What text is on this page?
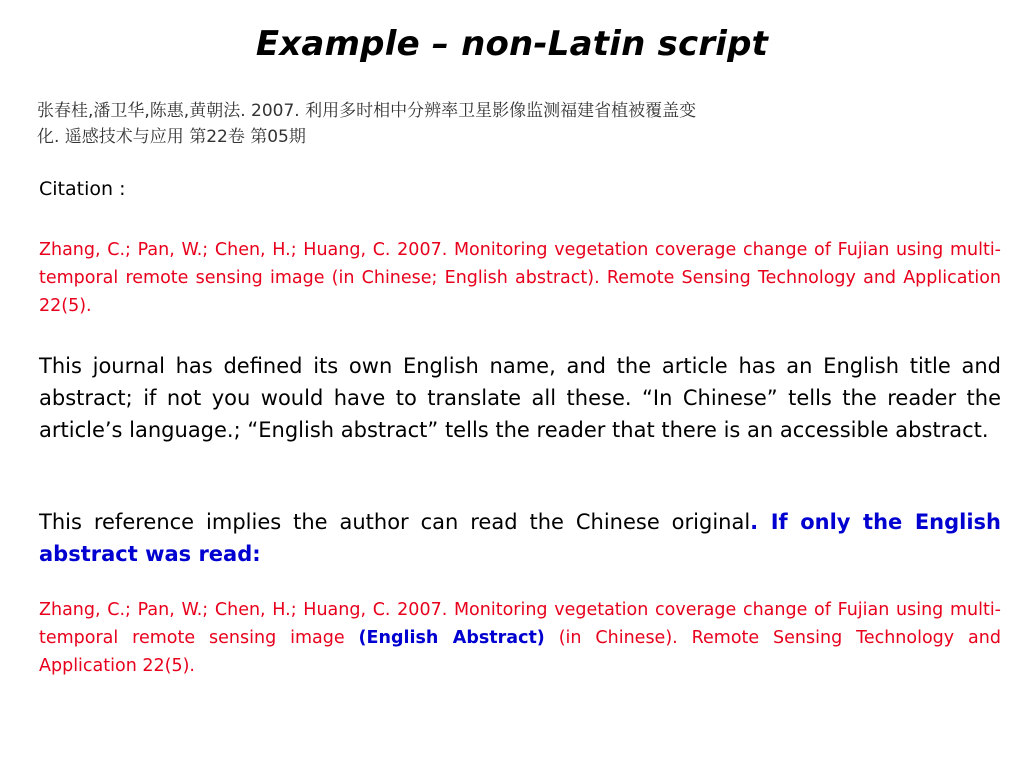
Example – non-Latin script
张春桂,潘卫华,陈惠,黄朝法. 2007. 利用多时相中分辨率卫星影像监测福建省植被覆盖变
化. 遥感技术与应用 第22卷 第05期
Citation :
Zhang, C.; Pan, W.; Chen, H.; Huang, C. 2007. Monitoring vegetation coverage change of Fujian using multi-temporal remote sensing image (in Chinese; English abstract). Remote Sensing Technology and Application 22(5).
This journal has defined its own English name, and the article has an English title and abstract; if not you would have to translate all these. “In Chinese” tells the reader the article’s language.; “English abstract” tells the reader that there is an accessible abstract.
This reference implies the author can read the Chinese original. If only the English abstract was read:
Zhang, C.; Pan, W.; Chen, H.; Huang, C. 2007. Monitoring vegetation coverage change of Fujian using multi-temporal remote sensing image (English Abstract) (in Chinese). Remote Sensing Technology and Application 22(5).
